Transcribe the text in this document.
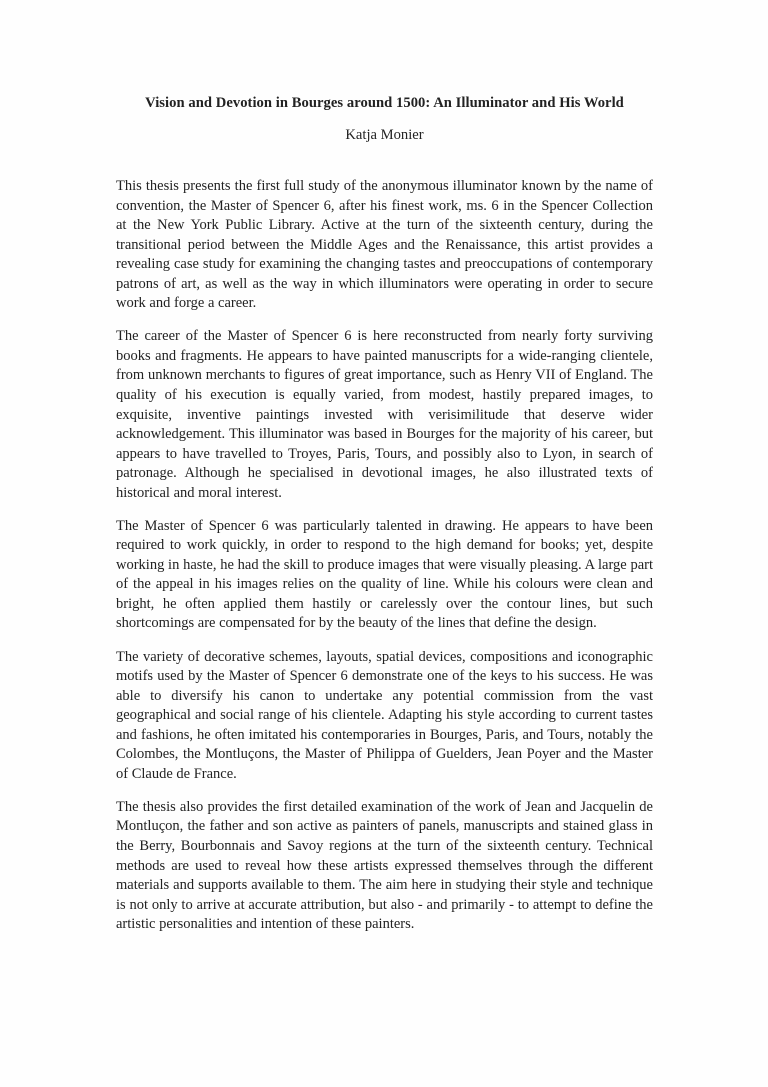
Vision and Devotion in Bourges around 1500: An Illuminator and His World
Katja Monier

This thesis presents the first full study of the anonymous illuminator known by the name of convention, the Master of Spencer 6, after his finest work, ms. 6 in the Spencer Collection at the New York Public Library. Active at the turn of the sixteenth century, during the transitional period between the Middle Ages and the Renaissance, this artist provides a revealing case study for examining the changing tastes and preoccupations of contemporary patrons of art, as well as the way in which illuminators were operating in order to secure work and forge a career.

The career of the Master of Spencer 6 is here reconstructed from nearly forty surviving books and fragments. He appears to have painted manuscripts for a wide-ranging clientele, from unknown merchants to figures of great importance, such as Henry VII of England. The quality of his execution is equally varied, from modest, hastily prepared images, to exquisite, inventive paintings invested with verisimilitude that deserve wider acknowledgement. This illuminator was based in Bourges for the majority of his career, but appears to have travelled to Troyes, Paris, Tours, and possibly also to Lyon, in search of patronage. Although he specialised in devotional images, he also illustrated texts of historical and moral interest.

The Master of Spencer 6 was particularly talented in drawing. He appears to have been required to work quickly, in order to respond to the high demand for books; yet, despite working in haste, he had the skill to produce images that were visually pleasing. A large part of the appeal in his images relies on the quality of line. While his colours were clean and bright, he often applied them hastily or carelessly over the contour lines, but such shortcomings are compensated for by the beauty of the lines that define the design.

The variety of decorative schemes, layouts, spatial devices, compositions and iconographic motifs used by the Master of Spencer 6 demonstrate one of the keys to his success. He was able to diversify his canon to undertake any potential commission from the vast geographical and social range of his clientele. Adapting his style according to current tastes and fashions, he often imitated his contemporaries in Bourges, Paris, and Tours, notably the Colombes, the Montluçons, the Master of Philippa of Guelders, Jean Poyer and the Master of Claude de France.

The thesis also provides the first detailed examination of the work of Jean and Jacquelin de Montluçon, the father and son active as painters of panels, manuscripts and stained glass in the Berry, Bourbonnais and Savoy regions at the turn of the sixteenth century. Technical methods are used to reveal how these artists expressed themselves through the different materials and supports available to them. The aim here in studying their style and technique is not only to arrive at accurate attribution, but also - and primarily - to attempt to define the artistic personalities and intention of these painters.
